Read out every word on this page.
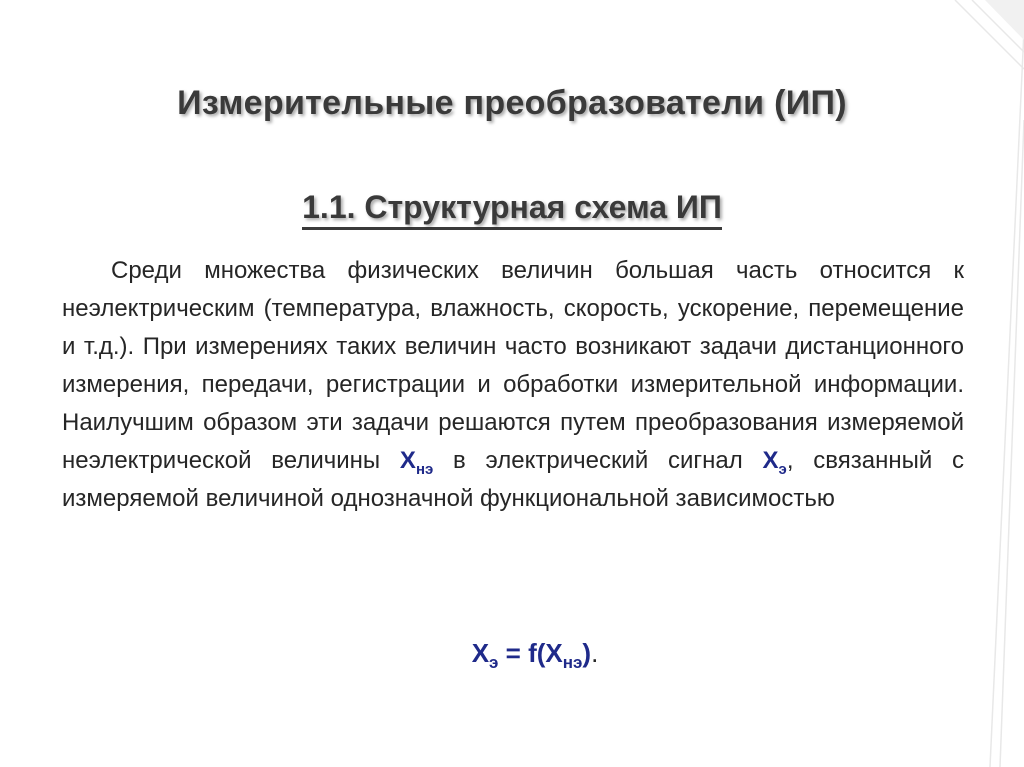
Измерительные преобразователи (ИП)
1.1. Структурная схема ИП
Среди множества физических величин большая часть относится к неэлектрическим (температура, влажность, скорость, ускорение, перемещение и т.д.). При измерениях таких величин часто возникают задачи дистанционного измерения, передачи, регистрации и обработки измерительной информации. Наилучшим образом эти задачи решаются путем преобразования измеряемой неэлектрической величины $X_{нэ}$ в электрический сигнал $X_э$, связанный с измеряемой величиной однозначной функциональной зависимостью
$X_э = f(X_{нэ})$.
